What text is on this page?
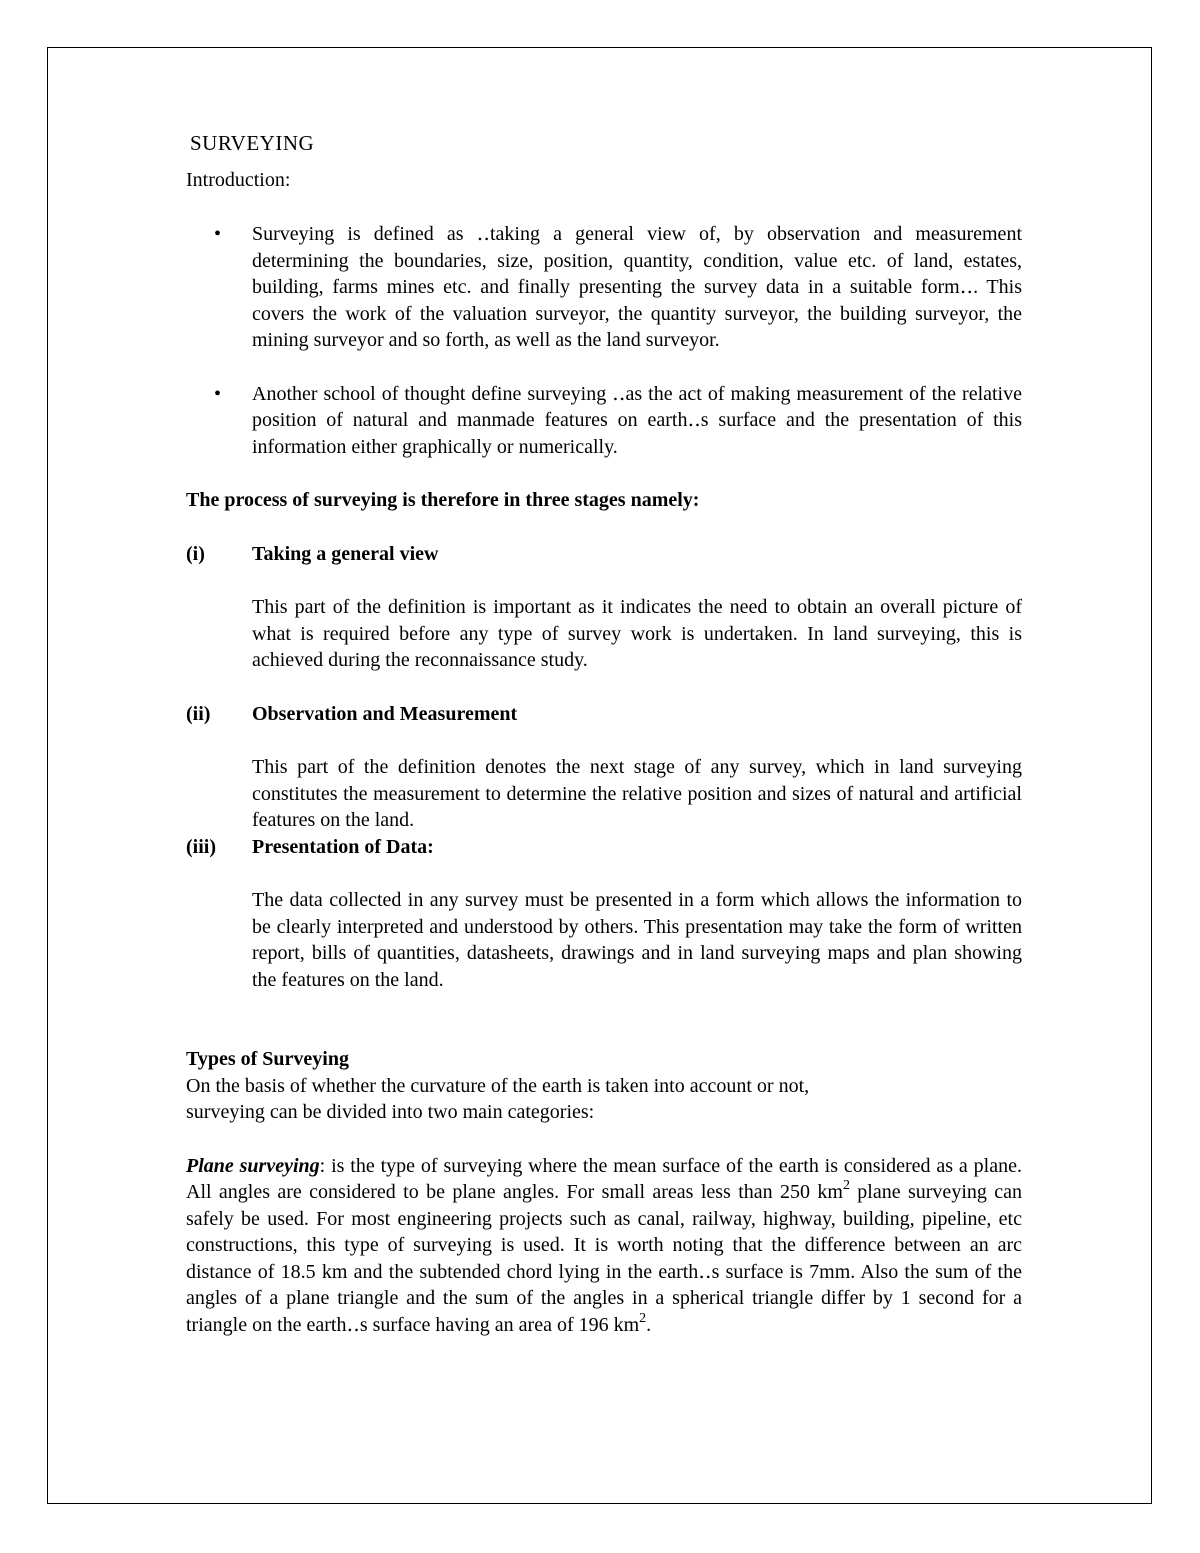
SURVEYING

Introduction:

• Surveying is defined as ‥taking a general view of, by observation and measurement determining the boundaries, size, position, quantity, condition, value etc. of land, estates, building, farms mines etc. and finally presenting the survey data in a suitable form‥. This covers the work of the valuation surveyor, the quantity surveyor, the building surveyor, the mining surveyor and so forth, as well as the land surveyor.
• Another school of thought define surveying ‥as the act of making measurement of the relative position of natural and manmade features on earth‥s surface and the presentation of this information either graphically or numerically.

The process of surveying is therefore in three stages namely:

(i)	Taking a general view

This part of the definition is important as it indicates the need to obtain an overall picture of what is required before any type of survey work is undertaken. In land surveying, this is achieved during the reconnaissance study.

(ii)	Observation and Measurement

This part of the definition denotes the next stage of any survey, which in land surveying constitutes the measurement to determine the relative position and sizes of natural and artificial features on the land.

(iii)	Presentation of Data:

The data collected in any survey must be presented in a form which allows the information to be clearly interpreted and understood by others. This presentation may take the form of written report, bills of quantities, datasheets, drawings and in land surveying maps and plan showing the features on the land.

Types of Surveying

On the basis of whether the curvature of the earth is taken into account or not,

surveying can be divided into two main categories:

Plane surveying: is the type of surveying where the mean surface of the earth is considered as a plane. All angles are considered to be plane angles. For small areas less than 250 $km^2$ plane surveying can safely be used. For most engineering projects such as canal, railway, highway, building, pipeline, etc constructions, this type of surveying is used. It is worth noting that the difference between an arc distance of 18.5 km and the subtended chord lying in the earth‥s surface is 7mm. Also the sum of the angles of a plane triangle and the sum of the angles in a spherical triangle differ by 1 second for a triangle on the earth‥s surface having an area of 196 $km^2$.
